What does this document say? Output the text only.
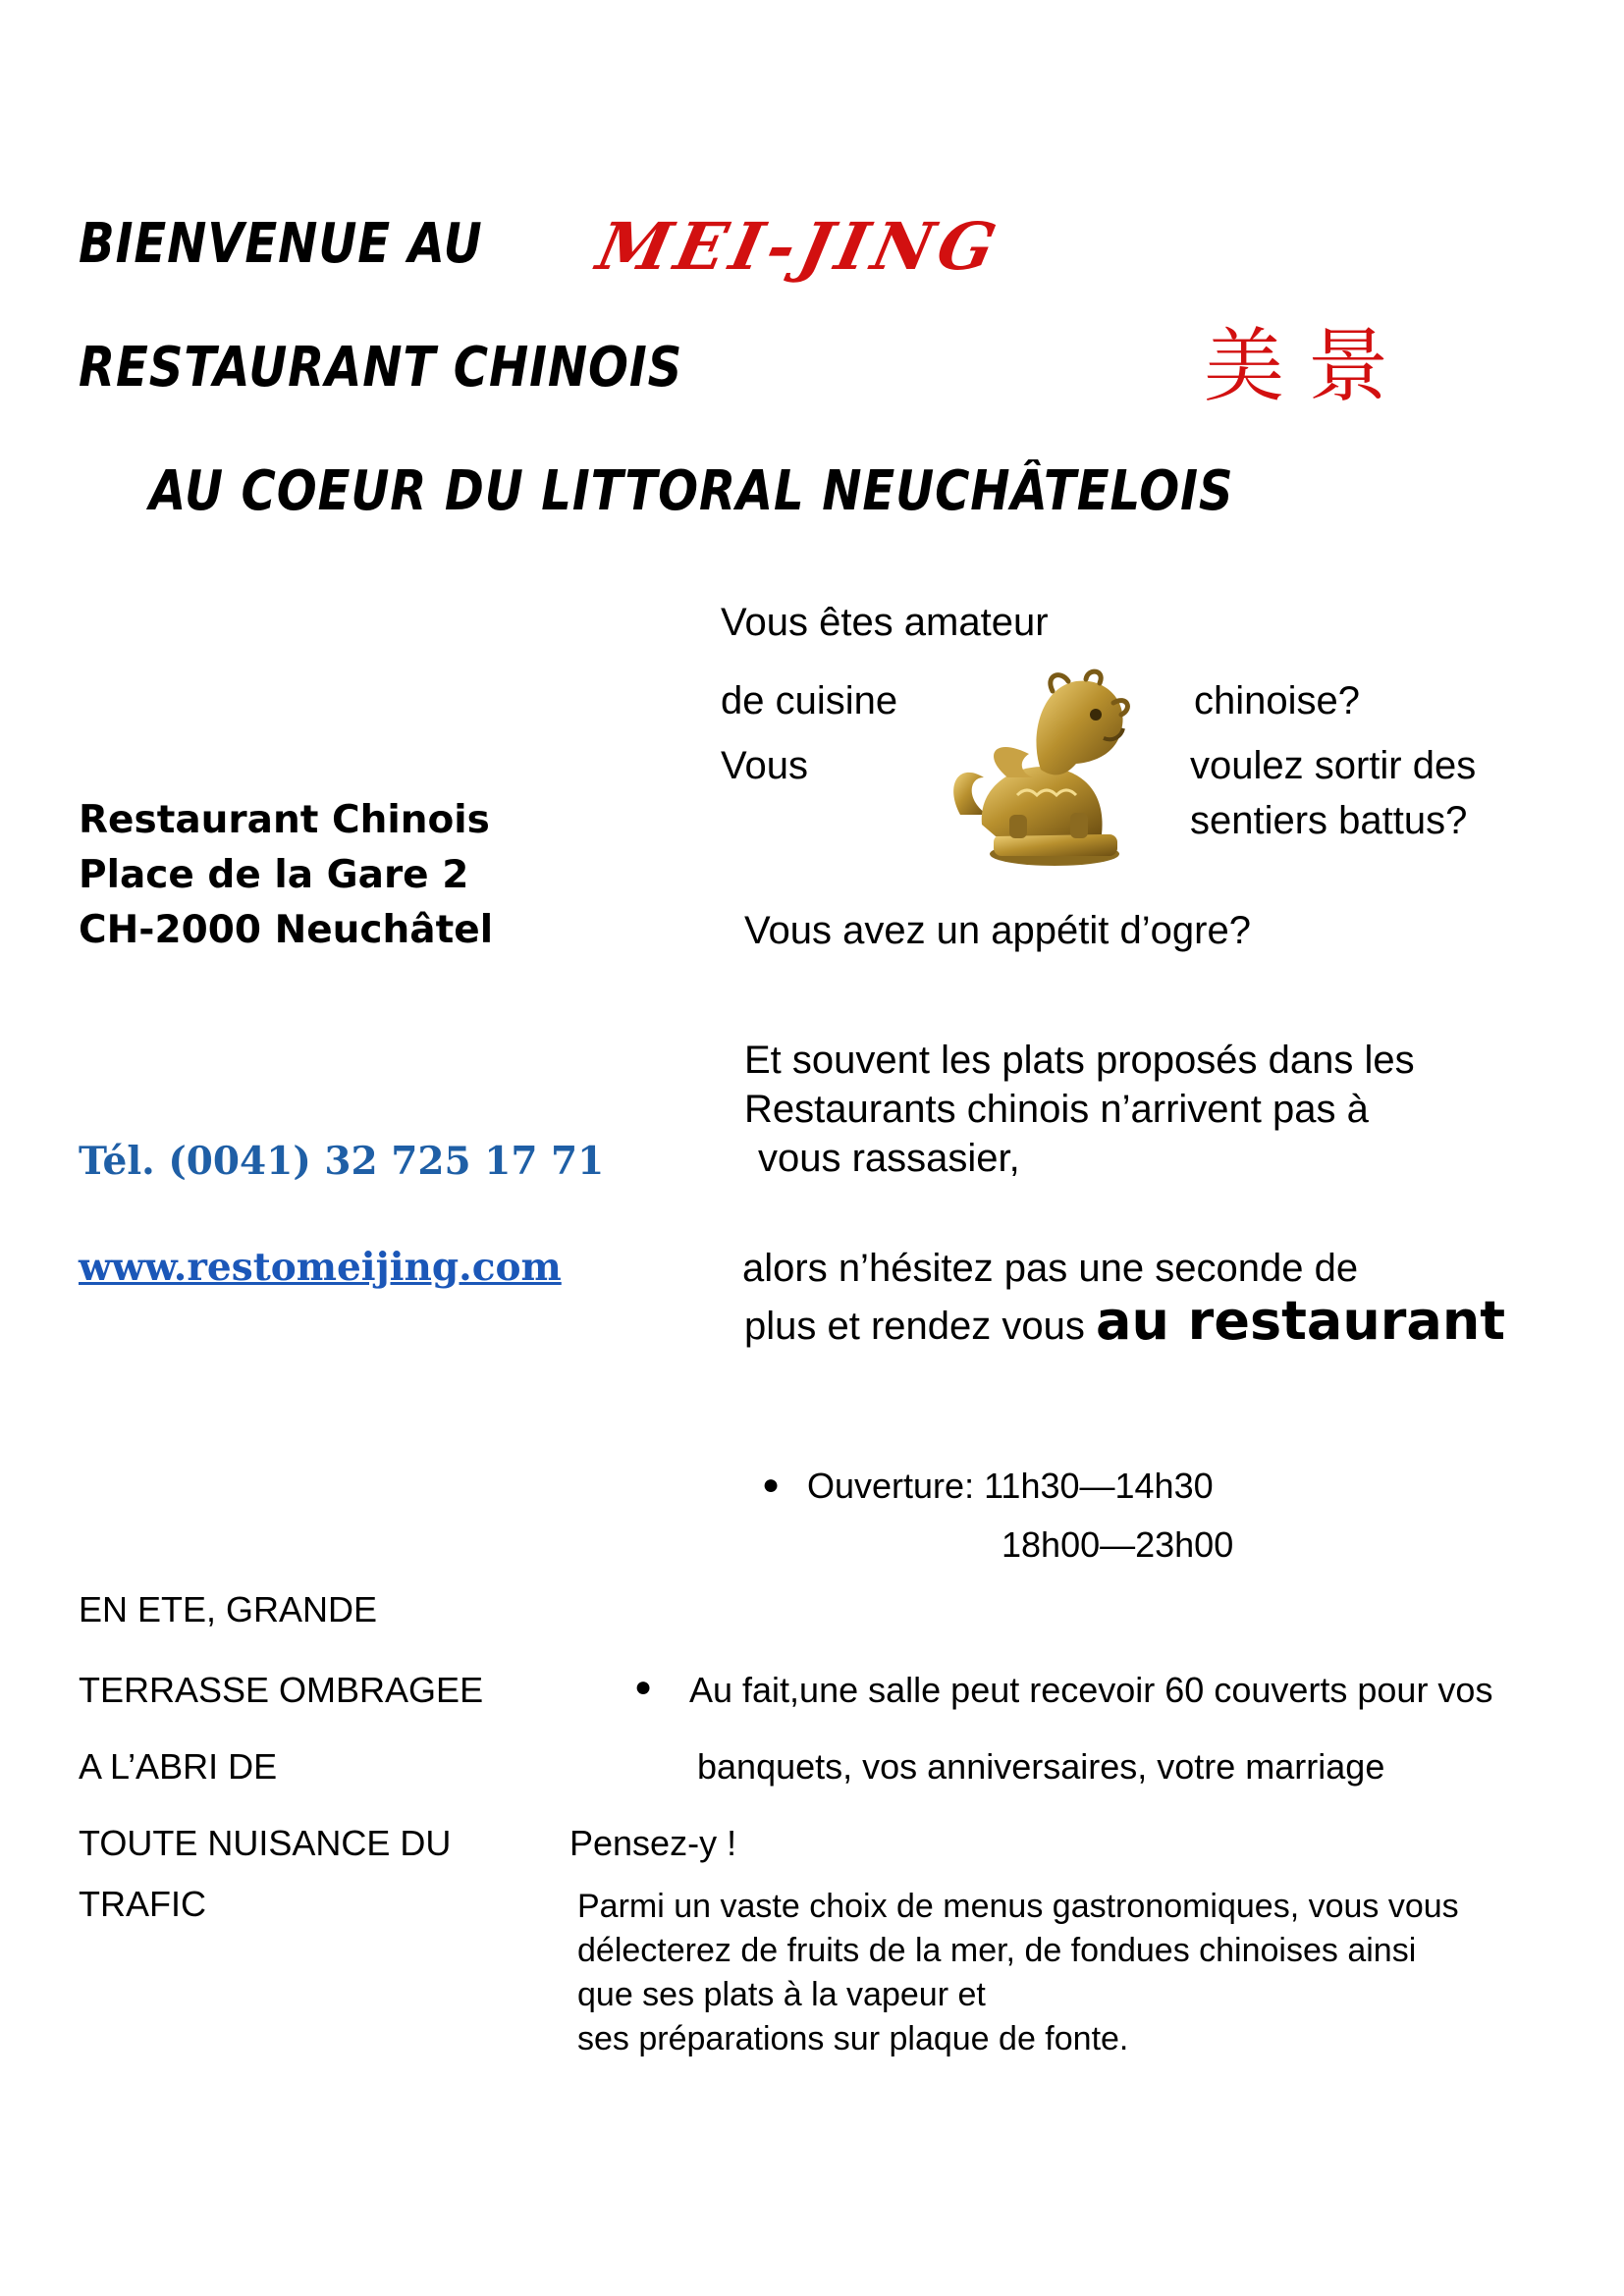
BIENVENUE AU MEI-JING
RESTAURANT CHINOIS	美景
AU COEUR DU LITTORAL NEUCHÂTELOIS
Vous êtes amateur
de cuisine	chinoise?
Vous	voulez sortir des
sentiers battus?
Vous avez un appétit d’ogre?
Et souvent les plats proposés dans les
Restaurants chinois n’arrivent pas à
vous rassasier,
alors n’hésitez pas une seconde de
plus et rendez vous au restaurant
Restaurant Chinois
Place de la Gare 2
CH-2000 Neuchâtel
Tél. (0041) 32 725 17 71
www.restomeijing.com
● Ouverture: 11h30—14h30
18h00—23h00
EN ETE, GRANDE
TERRASSE OMBRAGEE
A L’ABRI DE
TOUTE NUISANCE DU
TRAFIC
● Au fait,une salle peut recevoir 60 couverts pour vos
banquets, vos anniversaires, votre marriage
Pensez-y !
Parmi un vaste choix de menus gastronomiques, vous vous
délecterez de fruits de la mer, de fondues chinoises ainsi
que ses plats à la vapeur et
ses préparations sur plaque de fonte.
